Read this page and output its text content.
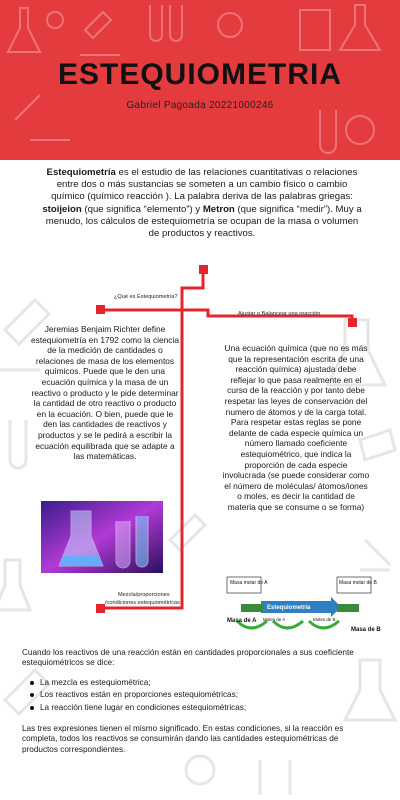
ESTEQUIOMETRIA
Gabriel Pagoada 20221000246
Estequiometría es el estudio de las relaciones cuantitativas o relaciones entre dos o más sustancias se someten a un cambio físico o cambio químico (químico reacción ). La palabra deriva de las palabras griegas: stoijeion (que significa “elemento”) y Metron (que significa “medir”). Muy a menudo, los cálculos de estequiometría se ocupan de la masa o volumen de productos y reactivos.
¿Qué es Estequiometria?
Ajustar o Balancear una reacción
Mezcla/proporciones
/condiciones estequiométricas
Jeremias Benjaim Richter define estequiometría en 1792 como la ciencia de la medición de cantidades o relaciones de masa de los elementos químicos. Puede que le den una ecuación química y la masa de un reactivo o producto y le pide determinar la cantidad de otro reactivo o producto en la ecuación. O bien, puede que le den las cantidades de reactivos y productos y se le pedirá a escribir la ecuación equilibrada que se adapte a las matemáticas.
Una ecuación química (que no es más que la representación escrita de una reacción química) ajustada debe reflejar lo que pasa realmente en el curso de la reacción y por tanto debe respetar las leyes de conservación del numero de átomos y de la carga total. Para respetar estas reglas se pone delante de cada especie química un número llamado coeficiente estequiométrico, que indica la proporción de cada especie involucrada (se puede considerar como el número de moléculas/ átomos/iones o moles, es decir la cantidad de materia que se consume o se forma)
Masa molar de A	Masa molar de B
Estequiometría
Masa de A Moles de A	Moles de B
Masa de B

Cuando los reactivos de una reacción están en cantidades proporcionales a sus coeficiente estequiométricos se dice:

La mezcla es estequiométrica;
Los reactivos están en proporciones estequiométricas;
La reacción tiene lugar en condiciones estequiométricas;

Las tres expresiones tienen el mismo significado. En estas condiciones, si la reacción es completa, todos los reactivos se consumirán dando las cantidades estequiométricas de productos correspondientes.
